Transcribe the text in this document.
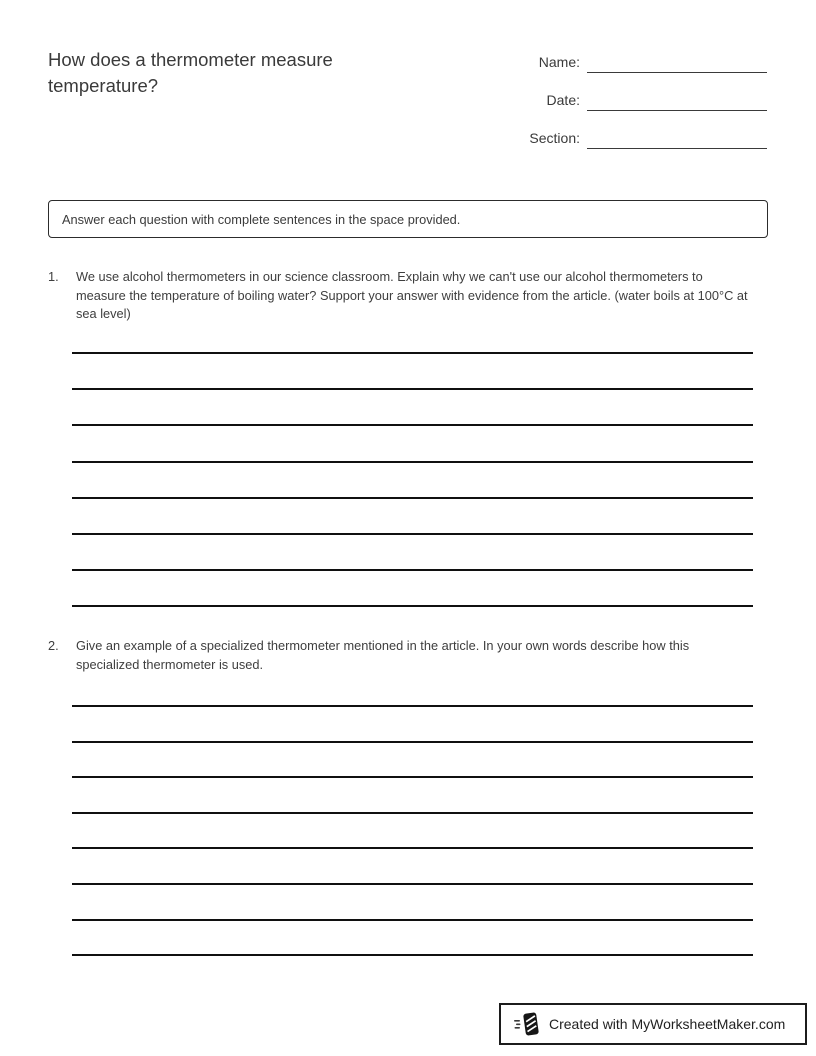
How does a thermometer measure temperature?
Name:
Date:
Section:
Answer each question with complete sentences in the space provided.
1.	We use alcohol thermometers in our science classroom. Explain why we can't use our alcohol thermometers to measure the temperature of boiling water? Support your answer with evidence from the article. (water boils at 100°C at sea level)
2.	Give an example of a specialized thermometer mentioned in the article. In your own words describe how this specialized thermometer is used.
Created with MyWorksheetMaker.com
